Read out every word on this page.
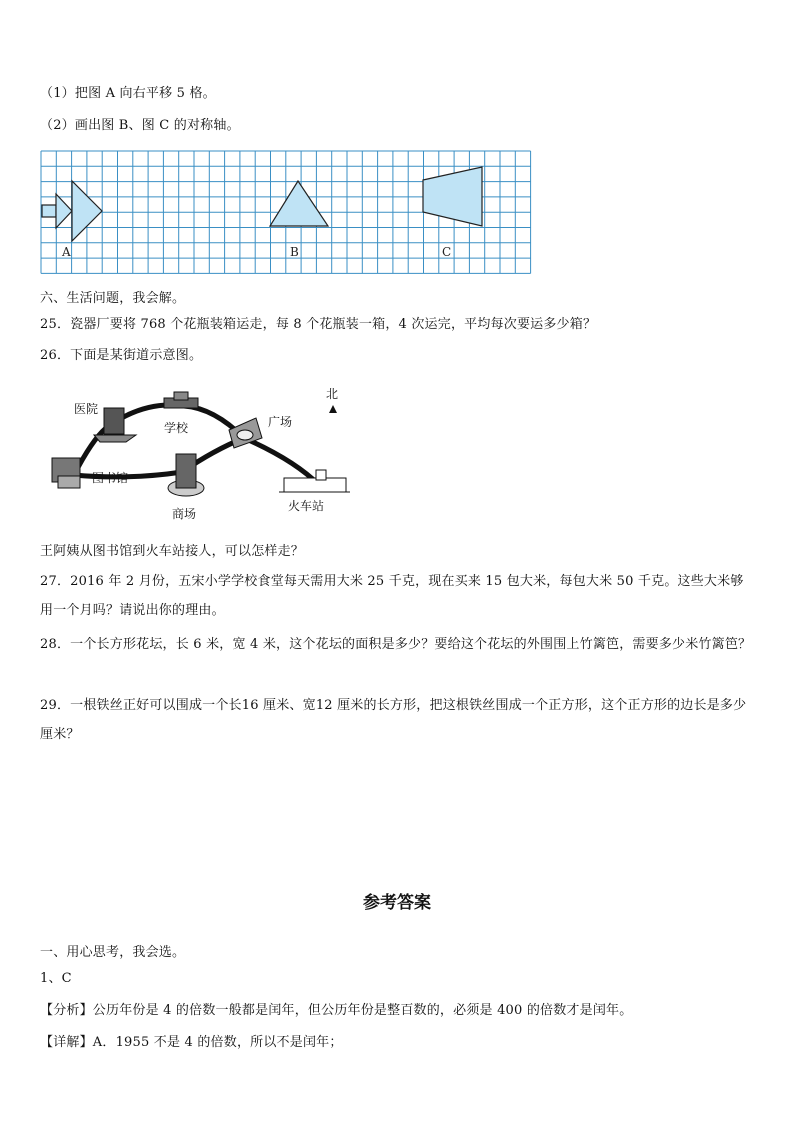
（1）把图 A 向右平移 5 格。
（2）画出图 B、图 C 的对称轴。
A	B	C
六、生活问题，我会解。
25．瓷器厂要将 768 个花瓶装箱运走，每 8 个花瓶装一箱，4 次运完，平均每次要运多少箱？
26．下面是某街道示意图。
北
医院
学校	广场
图书馆
商场
火车站
王阿姨从图书馆到火车站接人，可以怎样走？
27．2016 年 2 月份，五宋小学学校食堂每天需用大米 25 千克，现在买来 15 包大米，每包大米 50 千克。这些大米够用一个月吗？请说出你的理由。
28．一个长方形花坛，长 6 米，宽 4 米，这个花坛的面积是多少？要给这个花坛的外围围上竹篱笆，需要多少米竹篱笆？
29．一根铁丝正好可以围成一个长16 厘米、宽12 厘米的长方形，把这根铁丝围成一个正方形，这个正方形的边长是多少厘米？
参考答案
一、用心思考，我会选。
1、C
【分析】公历年份是 4 的倍数一般都是闰年，但公历年份是整百数的，必须是 400 的倍数才是闰年。
【详解】A．1955 不是 4 的倍数，所以不是闰年；
